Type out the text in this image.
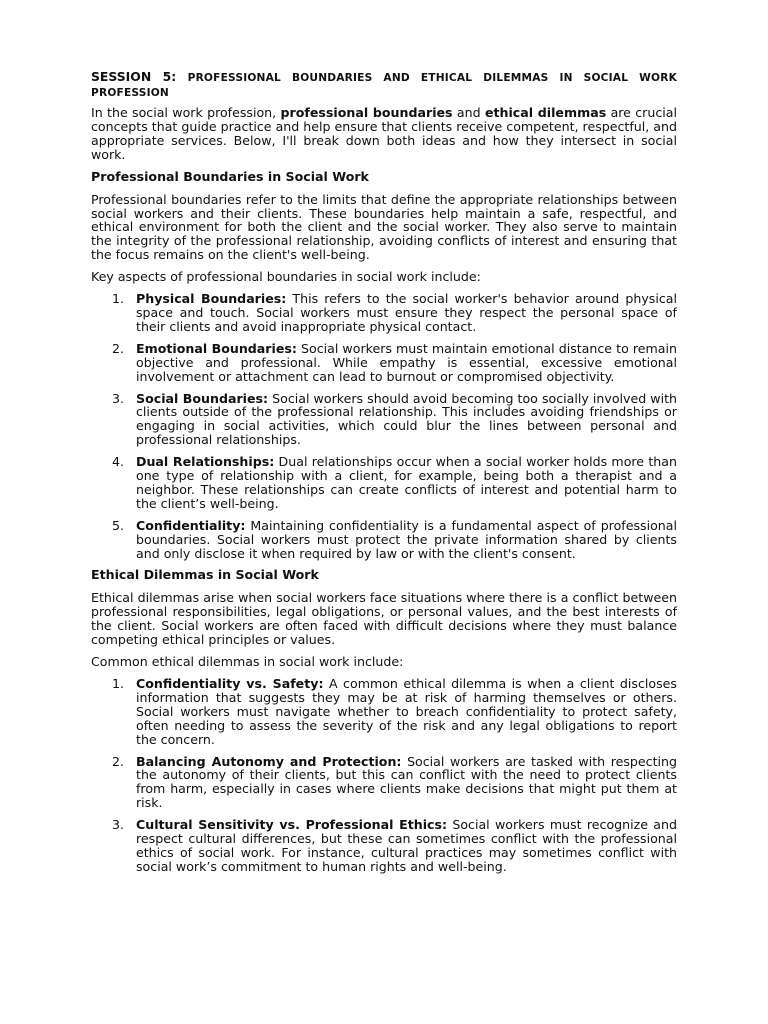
SESSION 5: PROFESSIONAL BOUNDARIES AND ETHICAL DILEMMAS IN SOCIAL WORK PROFESSION

In the social work profession, professional boundaries and ethical dilemmas are crucial concepts that guide practice and help ensure that clients receive competent, respectful, and appropriate services. Below, I'll break down both ideas and how they intersect in social work.

Professional Boundaries in Social Work

Professional boundaries refer to the limits that define the appropriate relationships between social workers and their clients. These boundaries help maintain a safe, respectful, and ethical environment for both the client and the social worker. They also serve to maintain the integrity of the professional relationship, avoiding conflicts of interest and ensuring that the focus remains on the client's well-being.

Key aspects of professional boundaries in social work include:

1. Physical Boundaries: This refers to the social worker's behavior around physical space and touch. Social workers must ensure they respect the personal space of their clients and avoid inappropriate physical contact.
2. Emotional Boundaries: Social workers must maintain emotional distance to remain objective and professional. While empathy is essential, excessive emotional involvement or attachment can lead to burnout or compromised objectivity.
3. Social Boundaries: Social workers should avoid becoming too socially involved with clients outside of the professional relationship. This includes avoiding friendships or engaging in social activities, which could blur the lines between personal and professional relationships.
4. Dual Relationships: Dual relationships occur when a social worker holds more than one type of relationship with a client, for example, being both a therapist and a neighbor. These relationships can create conflicts of interest and potential harm to the client’s well-being.
5. Confidentiality: Maintaining confidentiality is a fundamental aspect of professional boundaries. Social workers must protect the private information shared by clients and only disclose it when required by law or with the client's consent.
Ethical Dilemmas in Social Work

Ethical dilemmas arise when social workers face situations where there is a conflict between professional responsibilities, legal obligations, or personal values, and the best interests of the client. Social workers are often faced with difficult decisions where they must balance competing ethical principles or values.

Common ethical dilemmas in social work include:

1. Confidentiality vs. Safety: A common ethical dilemma is when a client discloses information that suggests they may be at risk of harming themselves or others. Social workers must navigate whether to breach confidentiality to protect safety, often needing to assess the severity of the risk and any legal obligations to report the concern.
2. Balancing Autonomy and Protection: Social workers are tasked with respecting the autonomy of their clients, but this can conflict with the need to protect clients from harm, especially in cases where clients make decisions that might put them at risk.
3. Cultural Sensitivity vs. Professional Ethics: Social workers must recognize and respect cultural differences, but these can sometimes conflict with the professional ethics of social work. For instance, cultural practices may sometimes conflict with social work’s commitment to human rights and well-being.
